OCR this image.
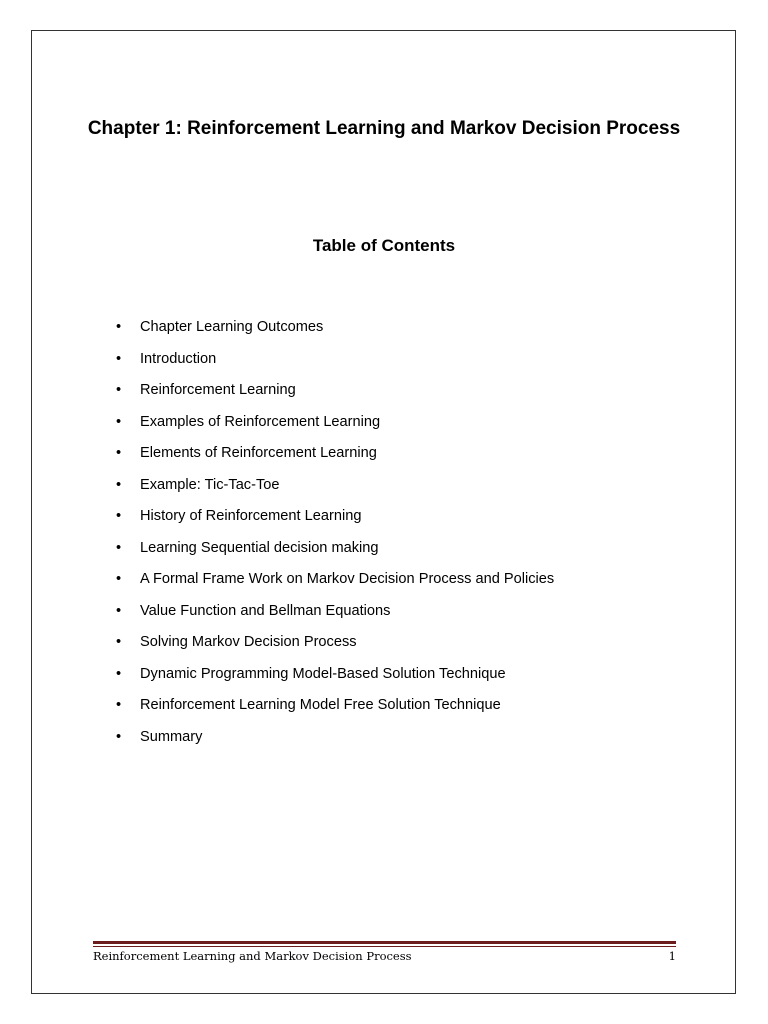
Chapter 1: Reinforcement Learning and Markov Decision Process
Table of Contents
•	Chapter Learning Outcomes
•	Introduction
•	Reinforcement Learning
•	Examples of Reinforcement Learning
•	Elements of Reinforcement Learning
•	Example: Tic-Tac-Toe
•	History of Reinforcement Learning
•	Learning Sequential decision making
•	A Formal Frame Work on Markov Decision Process and Policies
•	Value Function and Bellman Equations
•	Solving Markov Decision Process
•	Dynamic Programming Model-Based Solution Technique
•	Reinforcement Learning Model Free Solution Technique
•	Summary
Reinforcement Learning and Markov Decision Process	1
